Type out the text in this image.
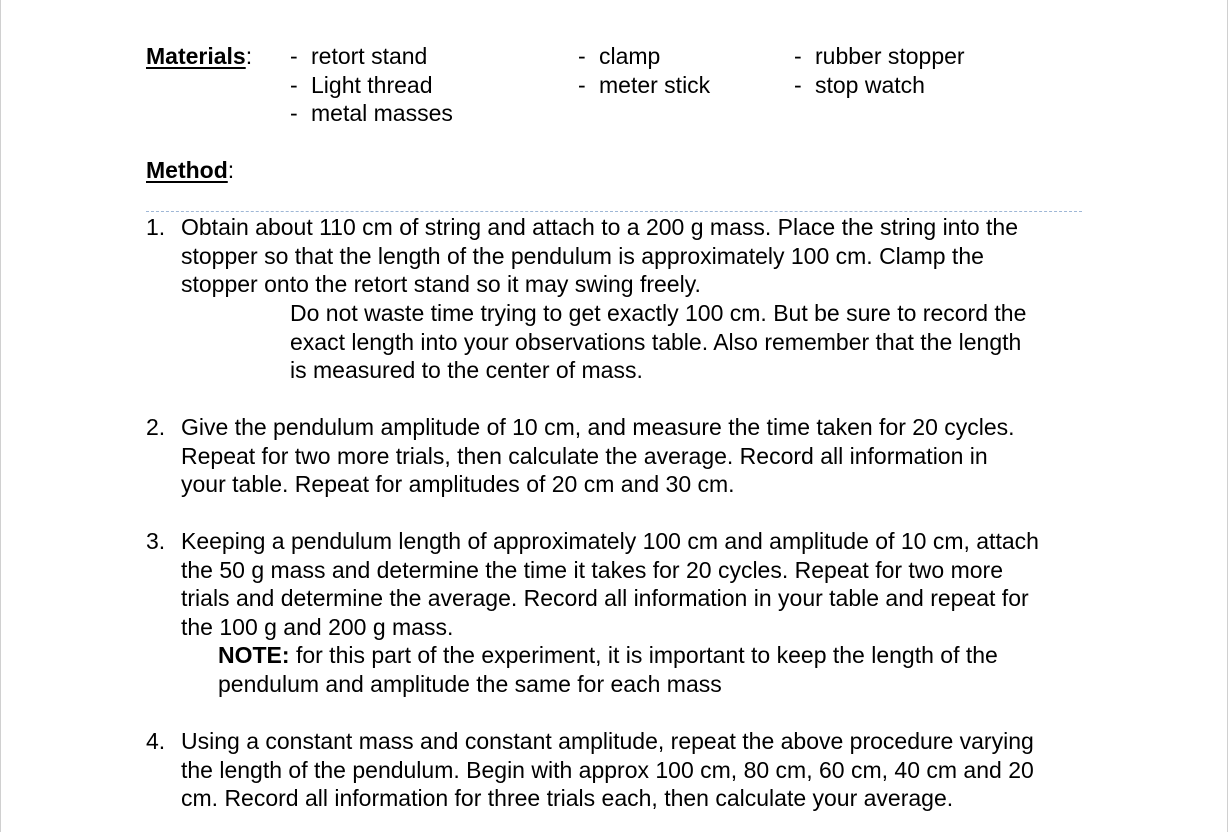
Materials:
-	retort stand
- Light thread
- metal masses
- clamp
- meter stick
- rubber stopper
- stop watch
Method:
1. Obtain about 110 cm of string and attach to a 200 g mass. Place the string into the
stopper so that the length of the pendulum is approximately 100 cm. Clamp the
stopper onto the retort stand so it may swing freely.
Do not waste time trying to get exactly 100 cm. But be sure to record the
exact length into your observations table. Also remember that the length
is measured to the center of mass.
2. Give the pendulum amplitude of 10 cm, and measure the time taken for 20 cycles.
Repeat for two more trials, then calculate the average. Record all information in
your table. Repeat for amplitudes of 20 cm and 30 cm.
3. Keeping a pendulum length of approximately 100 cm and amplitude of 10 cm, attach
the 50 g mass and determine the time it takes for 20 cycles. Repeat for two more
trials and determine the average. Record all information in your table and repeat for
the 100 g and 200 g mass.
NOTE: for this part of the experiment, it is important to keep the length of the
pendulum and amplitude the same for each mass
4. Using a constant mass and constant amplitude, repeat the above procedure varying
the length of the pendulum. Begin with approx 100 cm, 80 cm, 60 cm, 40 cm and 20
cm. Record all information for three trials each, then calculate your average.
